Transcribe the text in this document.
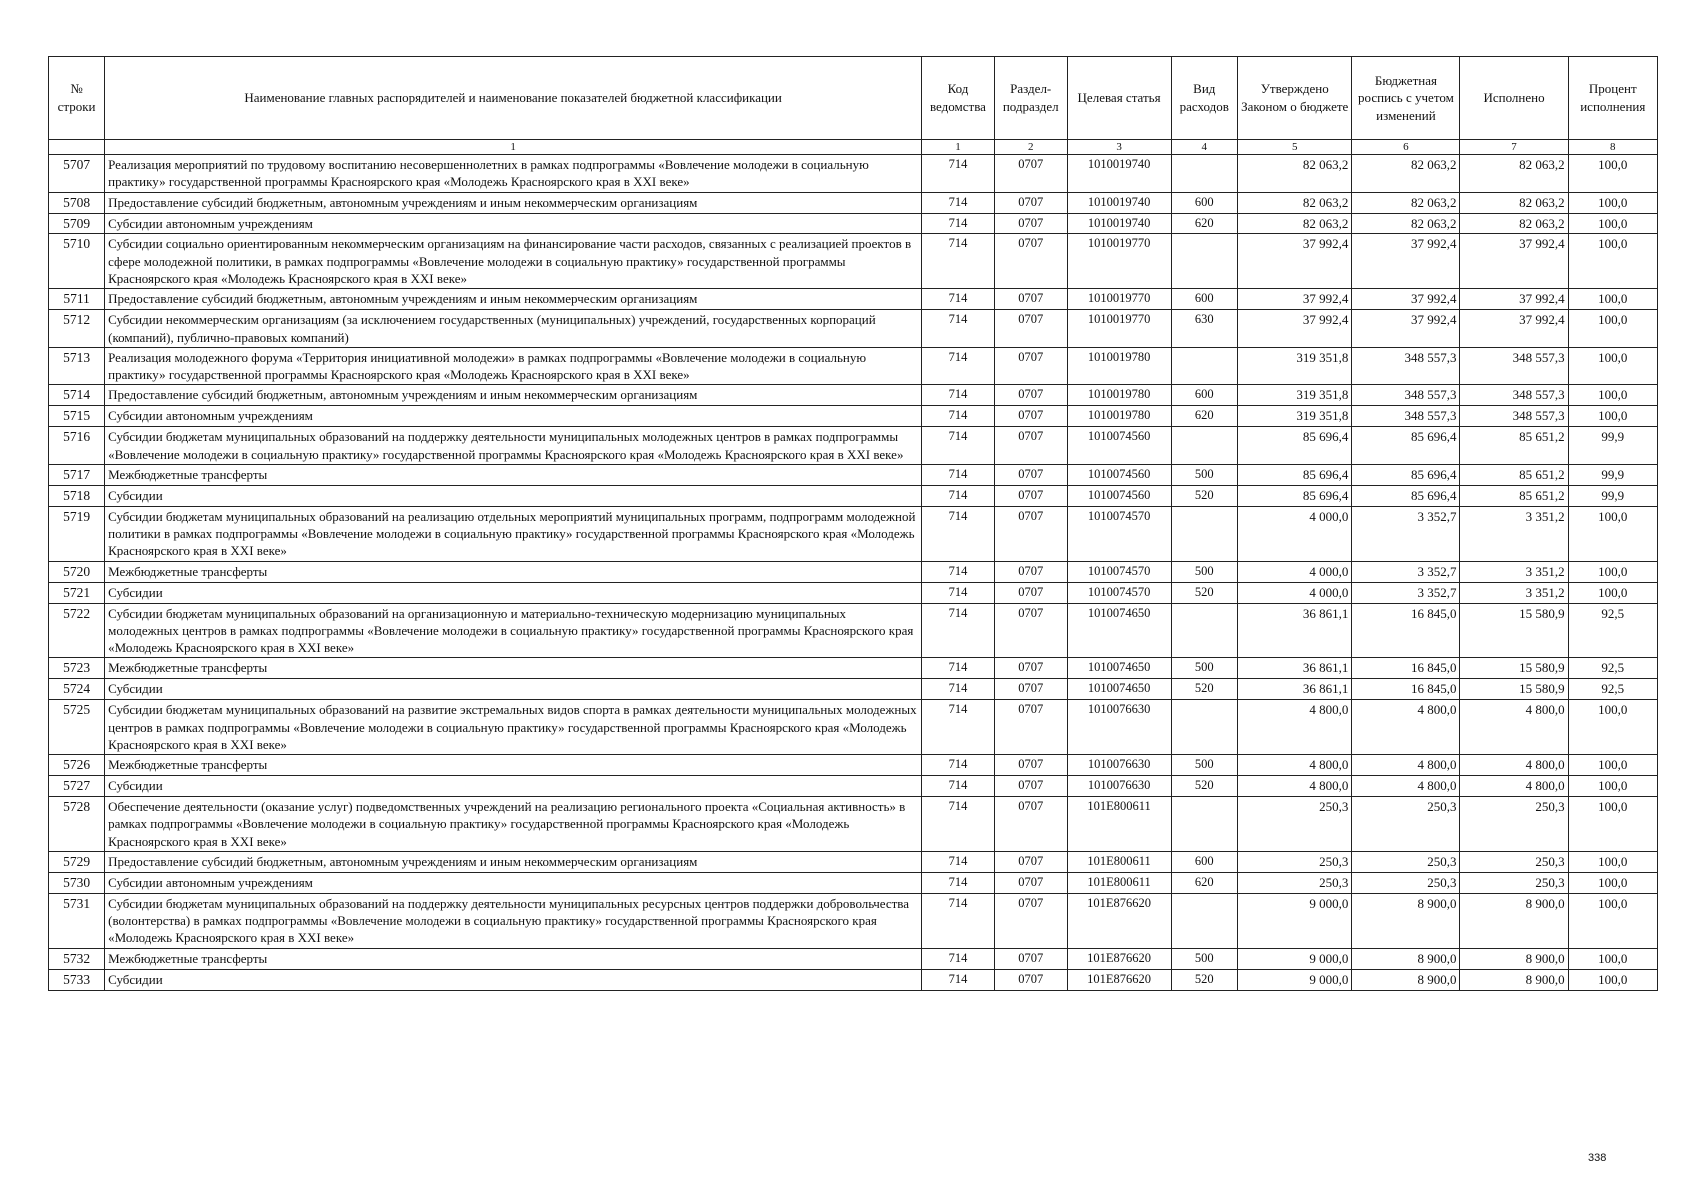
№ строки	Наименование главных распорядителей и наименование показателей бюджетной классификации	Код ведомства	Раздел-подраздел	Целевая статья	Вид расходов	Утверждено Законом о бюджете	Бюджетная роспись с учетом изменений	Исполнено	Процент исполнения
	1	1	2	3	4	5	6	7	8
5707	Реализация мероприятий по трудовому воспитанию несовершеннолетних в рамках подпрограммы «Вовлечение молодежи в социальную практику» государственной программы Красноярского края «Молодежь Красноярского края в XXI веке»	714	0707	1010019740		82 063,2	82 063,2	82 063,2	100,0
5708	Предоставление субсидий бюджетным, автономным учреждениям и иным некоммерческим организациям	714	0707	1010019740	600	82 063,2	82 063,2	82 063,2	100,0
5709	Субсидии автономным учреждениям	714	0707	1010019740	620	82 063,2	82 063,2	82 063,2	100,0
5710	Субсидии социально ориентированным некоммерческим организациям на финансирование части расходов, связанных с реализацией проектов в сфере молодежной политики, в рамках подпрограммы «Вовлечение молодежи в социальную практику» государственной программы Красноярского края «Молодежь Красноярского края в XXI веке»	714	0707	1010019770		37 992,4	37 992,4	37 992,4	100,0
5711	Предоставление субсидий бюджетным, автономным учреждениям и иным некоммерческим организациям	714	0707	1010019770	600	37 992,4	37 992,4	37 992,4	100,0
5712	Субсидии некоммерческим организациям (за исключением государственных (муниципальных) учреждений, государственных корпораций (компаний), публично-правовых компаний)	714	0707	1010019770	630	37 992,4	37 992,4	37 992,4	100,0
5713	Реализация молодежного форума «Территория инициативной молодежи» в рамках подпрограммы «Вовлечение молодежи в социальную практику» государственной программы Красноярского края «Молодежь Красноярского края в XXI веке»	714	0707	1010019780		319 351,8	348 557,3	348 557,3	100,0
5714	Предоставление субсидий бюджетным, автономным учреждениям и иным некоммерческим организациям	714	0707	1010019780	600	319 351,8	348 557,3	348 557,3	100,0
5715	Субсидии автономным учреждениям	714	0707	1010019780	620	319 351,8	348 557,3	348 557,3	100,0
5716	Субсидии бюджетам муниципальных образований на поддержку деятельности муниципальных молодежных центров в рамках подпрограммы «Вовлечение молодежи в социальную практику» государственной программы Красноярского края «Молодежь Красноярского края в XXI веке»	714	0707	1010074560		85 696,4	85 696,4	85 651,2	99,9
5717	Межбюджетные трансферты	714	0707	1010074560	500	85 696,4	85 696,4	85 651,2	99,9
5718	Субсидии	714	0707	1010074560	520	85 696,4	85 696,4	85 651,2	99,9
5719	Субсидии бюджетам муниципальных образований на реализацию отдельных мероприятий муниципальных программ, подпрограмм молодежной политики в рамках подпрограммы «Вовлечение молодежи в социальную практику» государственной программы Красноярского края «Молодежь Красноярского края в XXI веке»	714	0707	1010074570		4 000,0	3 352,7	3 351,2	100,0
5720	Межбюджетные трансферты	714	0707	1010074570	500	4 000,0	3 352,7	3 351,2	100,0
5721	Субсидии	714	0707	1010074570	520	4 000,0	3 352,7	3 351,2	100,0
5722	Субсидии бюджетам муниципальных образований на организационную и материально-техническую модернизацию муниципальных молодежных центров в рамках подпрограммы «Вовлечение молодежи в социальную практику» государственной программы Красноярского края «Молодежь Красноярского края в XXI веке»	714	0707	1010074650		36 861,1	16 845,0	15 580,9	92,5
5723	Межбюджетные трансферты	714	0707	1010074650	500	36 861,1	16 845,0	15 580,9	92,5
5724	Субсидии	714	0707	1010074650	520	36 861,1	16 845,0	15 580,9	92,5
5725	Субсидии бюджетам муниципальных образований на развитие экстремальных видов спорта в рамках деятельности муниципальных молодежных центров в рамках подпрограммы «Вовлечение молодежи в социальную практику» государственной программы Красноярского края «Молодежь Красноярского края в XXI веке»	714	0707	1010076630		4 800,0	4 800,0	4 800,0	100,0
5726	Межбюджетные трансферты	714	0707	1010076630	500	4 800,0	4 800,0	4 800,0	100,0
5727	Субсидии	714	0707	1010076630	520	4 800,0	4 800,0	4 800,0	100,0
5728	Обеспечение деятельности (оказание услуг) подведомственных учреждений на реализацию регионального проекта «Социальная активность» в рамках подпрограммы «Вовлечение молодежи в социальную практику» государственной программы Красноярского края «Молодежь Красноярского края в XXI веке»	714	0707	101E800611		250,3	250,3	250,3	100,0
5729	Предоставление субсидий бюджетным, автономным учреждениям и иным некоммерческим организациям	714	0707	101E800611	600	250,3	250,3	250,3	100,0
5730	Субсидии автономным учреждениям	714	0707	101E800611	620	250,3	250,3	250,3	100,0
5731	Субсидии бюджетам муниципальных образований на поддержку деятельности муниципальных ресурсных центров поддержки добровольчества (волонтерства) в рамках подпрограммы «Вовлечение молодежи в социальную практику» государственной программы Красноярского края «Молодежь Красноярского края в XXI веке»	714	0707	101E876620		9 000,0	8 900,0	8 900,0	100,0
5732	Межбюджетные трансферты	714	0707	101E876620	500	9 000,0	8 900,0	8 900,0	100,0
5733	Субсидии	714	0707	101E876620	520	9 000,0	8 900,0	8 900,0	100,0
338
